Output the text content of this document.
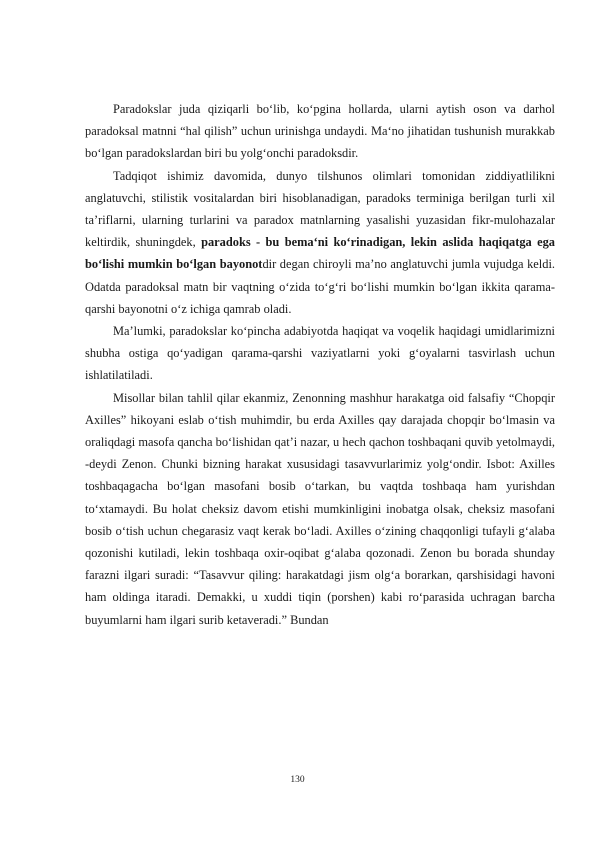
Paradokslar juda qiziqarli bo‘lib, ko‘pgina hollarda, ularni aytish oson va darhol paradoksal matnni “hal qilish” uchun urinishga undaydi. Ma‘no jihatidan tushunish murakkab bo‘lgan paradokslardan biri bu yolg‘onchi paradoksdir.

Tadqiqot ishimiz davomida, dunyo tilshunos olimlari tomonidan ziddiyatlilikni anglatuvchi, stilistik vositalardan biri hisoblanadigan, paradoks terminiga berilgan turli xil ta’riflarni, ularning turlarini va paradox matnlarning yasalishi yuzasidan fikr-mulohazalar keltirdik, shuningdek, paradoks - bu bema‘ni ko‘rinadigan, lekin aslida haqiqatga ega bo‘lishi mumkin bo‘lgan bayonotdir degan chiroyli ma’no anglatuvchi jumla vujudga keldi. Odatda paradoksal matn bir vaqtning o‘zida to‘g‘ri bo‘lishi mumkin bo‘lgan ikkita qarama-qarshi bayonotni o‘z ichiga qamrab oladi.

Ma’lumki, paradokslar ko‘pincha adabiyotda haqiqat va voqelik haqidagi umidlarimizni shubha ostiga qo‘yadigan qarama-qarshi vaziyatlarni yoki g‘oyalarni tasvirlash uchun ishlatilatiladi.

Misollar bilan tahlil qilar ekanmiz, Zenonning mashhur harakatga oid falsafiy “Chopqir Axilles” hikoyani eslab o‘tish muhimdir, bu erda Axilles qay darajada chopqir bo‘lmasin va oraliqdagi masofa qancha bo‘lishidan qat’i nazar, u hech qachon toshbaqani quvib yetolmaydi, -deydi Zenon. Chunki bizning harakat xususidagi tasavvurlarimiz yolg‘ondir. Isbot: Axilles toshbaqagacha bo‘lgan masofani bosib o‘tarkan, bu vaqtda toshbaqa ham yurishdan to‘xtamaydi. Bu holat cheksiz davom etishi mumkinligini inobatga olsak, cheksiz masofani bosib o‘tish uchun chegarasiz vaqt kerak bo‘ladi. Axilles o‘zining chaqqonligi tufayli g‘alaba qozonishi kutiladi, lekin toshbaqa oxir-oqibat g‘alaba qozonadi. Zenon bu borada shunday farazni ilgari suradi: “Tasavvur qiling: harakatdagi jism olg‘a borarkan, qarshisidagi havoni ham oldinga itaradi. Demakki, u xuddi tiqin (porshen) kabi ro‘parasida uchragan barcha buyumlarni ham ilgari surib ketaveradi.” Bundan

130
